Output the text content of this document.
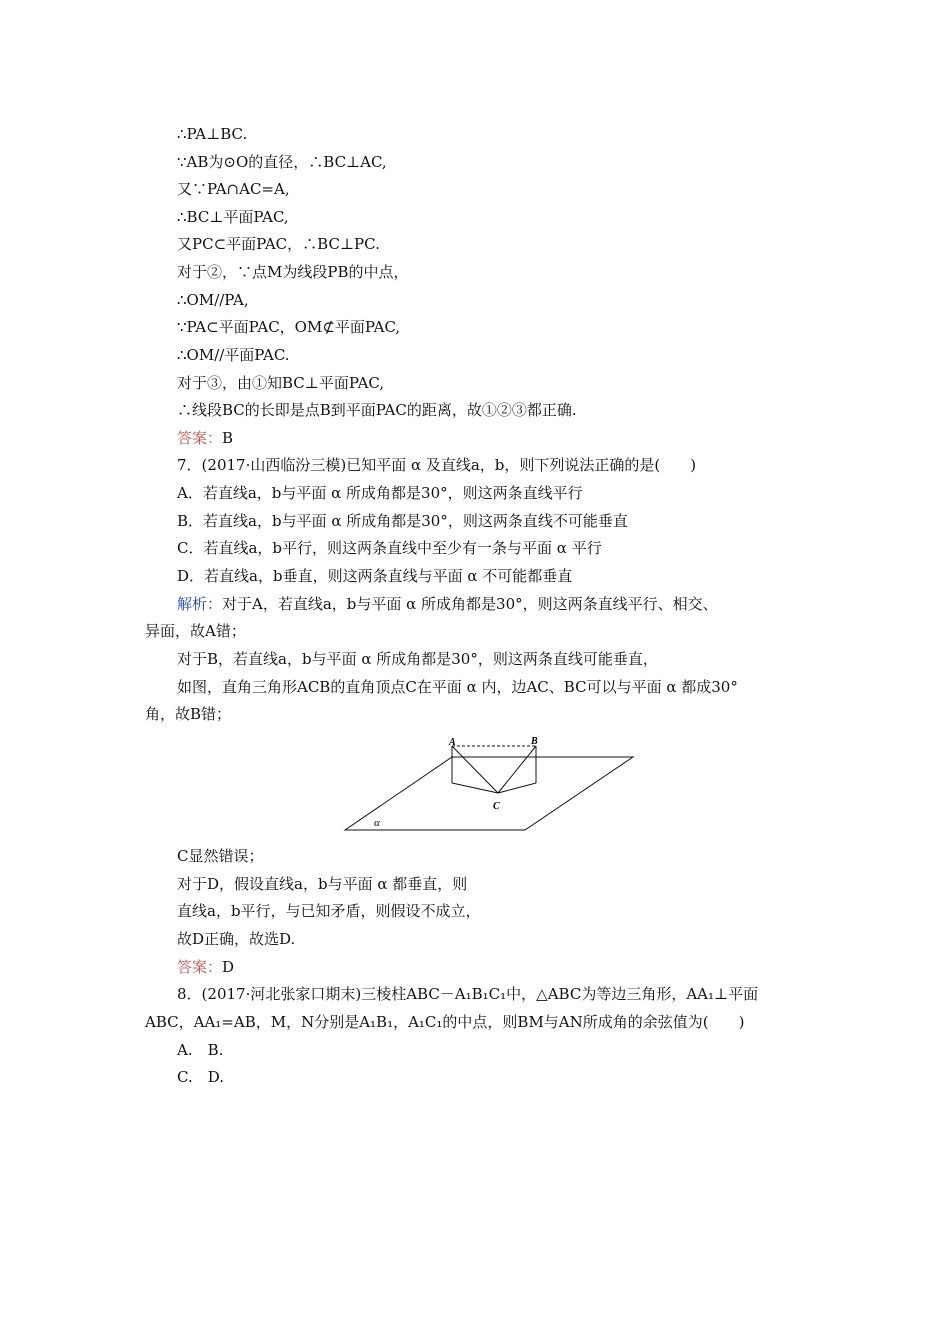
∴PA⊥BC.
∵AB为⊙O的直径，∴BC⊥AC,
又∵PA∩AC=A,
∴BC⊥平面PAC,
又PC⊂平面PAC，∴BC⊥PC.
对于②，∵点M为线段PB的中点，
∴OM//PA,
∵PA⊂平面PAC，OM⊄平面PAC,
∴OM//平面PAC.
对于③，由①知BC⊥平面PAC,
∴线段BC的长即是点B到平面PAC的距离，故①②③都正确.
答案：B
7．(2017·山西临汾三模)已知平面 α 及直线a，b，则下列说法正确的是(　　)
A．若直线a，b与平面 α 所成角都是30°，则这两条直线平行
B．若直线a，b与平面 α 所成角都是30°，则这两条直线不可能垂直
C．若直线a，b平行，则这两条直线中至少有一条与平面 α 平行
D．若直线a，b垂直，则这两条直线与平面 α 不可能都垂直
解析：对于A，若直线a，b与平面 α 所成角都是30°，则这两条直线平行、相交、
异面，故A错；
对于B，若直线a，b与平面 α 所成角都是30°，则这两条直线可能垂直，
如图，直角三角形ACB的直角顶点C在平面 α 内，边AC、BC可以与平面 α 都成30°
角，故B错；
A	B
C
α
C显然错误；
对于D，假设直线a，b与平面 α 都垂直，则
直线a，b平行，与已知矛盾，则假设不成立，
故D正确，故选D.
答案：D
8．(2017·河北张家口期末)三棱柱ABC－A₁B₁C₁中，△ABC为等边三角形，AA₁⊥平面
ABC，AA₁=AB，M，N分别是A₁B₁，A₁C₁的中点，则BM与AN所成角的余弦值为(　　)
A.　B.
C.　D.
